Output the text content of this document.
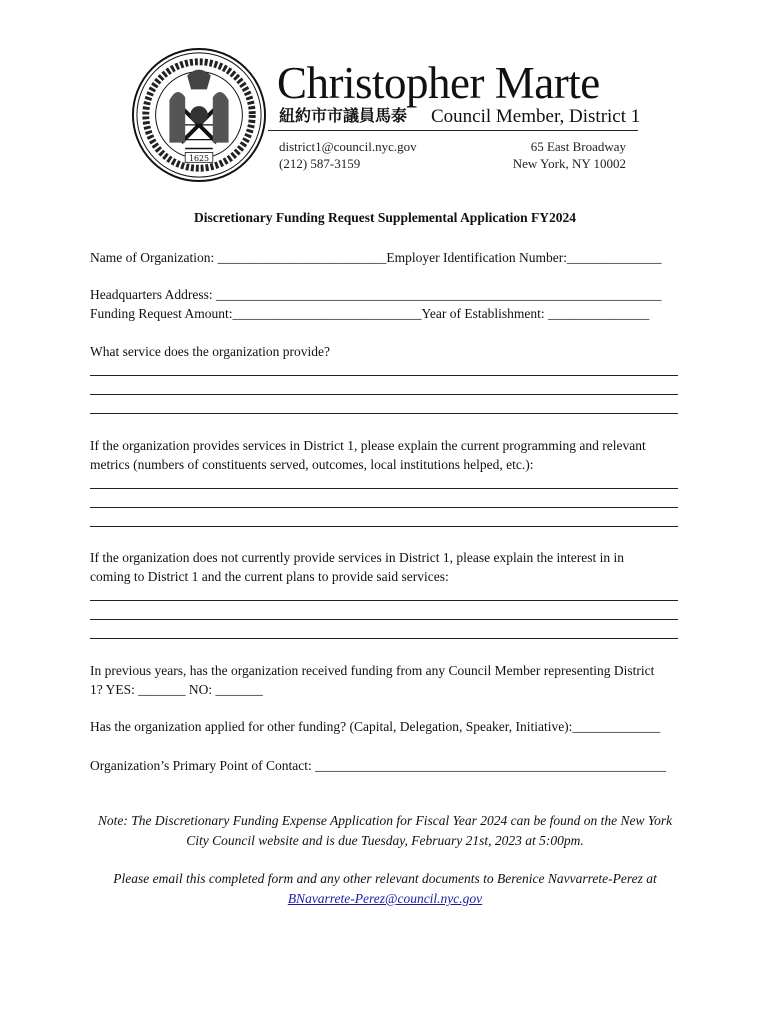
1625
Christopher Marte
紐約市市議員馬泰 Council Member, District 1
district1@council.nyc.gov
(212) 587-3159
65 East Broadway
New York, NY 10002
Discretionary Funding Request Supplemental Application FY2024
Name of Organization: _________________________Employer Identification Number:______________
Headquarters Address: __________________________________________________________________
Funding Request Amount:____________________________Year of Establishment: _______________
What service does the organization provide?
If the organization provides services in District 1, please explain the current programming and relevant
metrics (numbers of constituents served, outcomes, local institutions helped, etc.):
If the organization does not currently provide services in District 1, please explain the interest in in
coming to District 1 and the current plans to provide said services:
In previous years, has the organization received funding from any Council Member representing District
1? YES: _______ NO: _______
Has the organization applied for other funding? (Capital, Delegation, Speaker, Initiative):_____________
Organization’s Primary Point of Contact: ____________________________________________________
Note: The Discretionary Funding Expense Application for Fiscal Year 2024 can be found on the New York
City Council website and is due Tuesday, February 21st, 2023 at 5:00pm.
Please email this completed form and any other relevant documents to Berenice Navvarrete-Perez at
BNavarrete-Perez@council.nyc.gov
